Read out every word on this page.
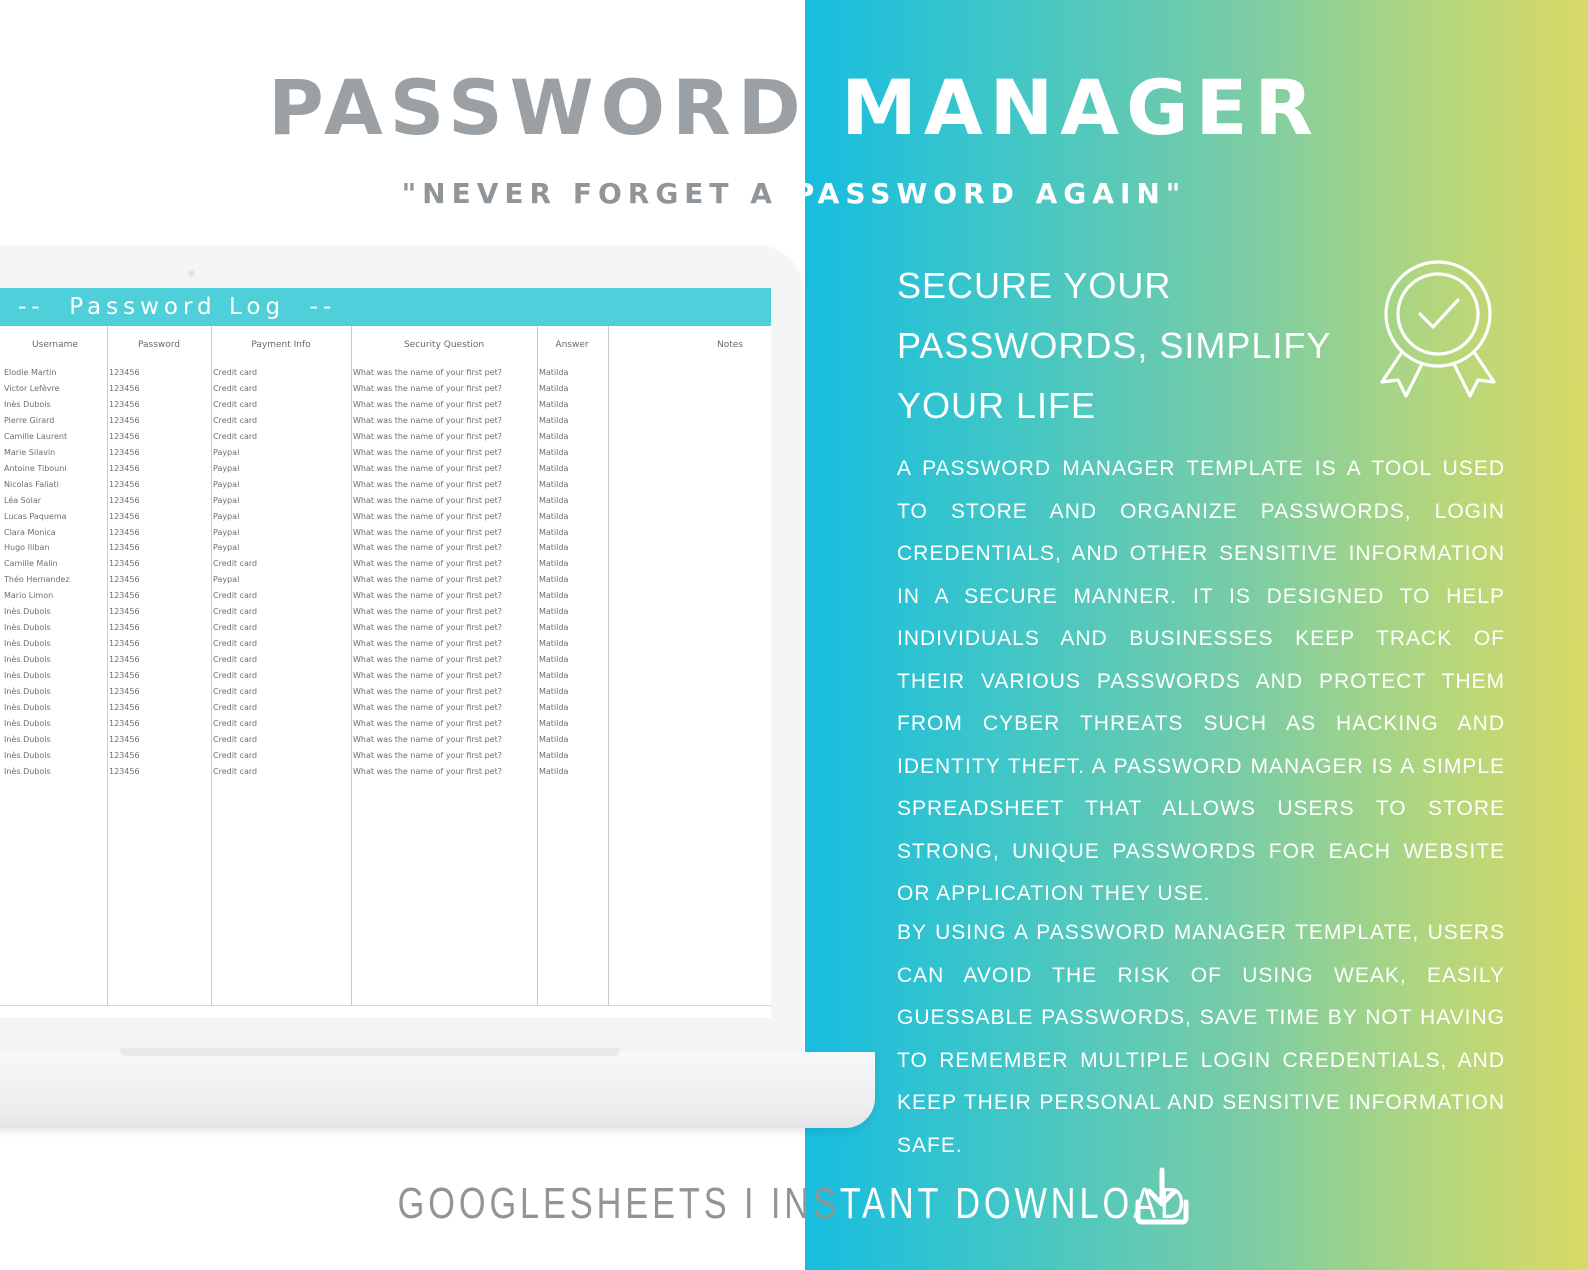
PASSWORD MANAGER
"NEVER FORGET A PASSWORD AGAIN"
--  Password Log  --
Username	Password	Payment Info	Security Question	Answer	Notes
Elodie Martin	123456	Credit card	What was the name of your first pet?	Matilda
Victor Lefèvre	123456	Credit card	What was the name of your first pet?	Matilda
Inès Dubois	123456	Credit card	What was the name of your first pet?	Matilda
Pierre Girard	123456	Credit card	What was the name of your first pet?	Matilda
Camille Laurent	123456	Credit card	What was the name of your first pet?	Matilda
Marie Silavin	123456	Paypal	What was the name of your first pet?	Matilda
Antoine Tibouni	123456	Paypal	What was the name of your first pet?	Matilda
Nicolas Faliati	123456	Paypal	What was the name of your first pet?	Matilda
Léa Solar	123456	Paypal	What was the name of your first pet?	Matilda
Lucas Paquema	123456	Paypal	What was the name of your first pet?	Matilda
Clara Monica	123456	Paypal	What was the name of your first pet?	Matilda
Hugo Iliban	123456	Paypal	What was the name of your first pet?	Matilda
Camille Malin	123456	Credit card	What was the name of your first pet?	Matilda
Théo Hernandez	123456	Paypal	What was the name of your first pet?	Matilda
Mario Limon	123456	Credit card	What was the name of your first pet?	Matilda
Inès Dubois	123456	Credit card	What was the name of your first pet?	Matilda
Inès Dubois	123456	Credit card	What was the name of your first pet?	Matilda
Inès Dubois	123456	Credit card	What was the name of your first pet?	Matilda
Inès Dubois	123456	Credit card	What was the name of your first pet?	Matilda
Inès Dubois	123456	Credit card	What was the name of your first pet?	Matilda
Inès Dubois	123456	Credit card	What was the name of your first pet?	Matilda
Inès Dubois	123456	Credit card	What was the name of your first pet?	Matilda
Inès Dubois	123456	Credit card	What was the name of your first pet?	Matilda
Inès Dubois	123456	Credit card	What was the name of your first pet?	Matilda
Inès Dubois	123456	Credit card	What was the name of your first pet?	Matilda
Inès Dubois	123456	Credit card	What was the name of your first pet?	Matilda
SECURE YOUR
PASSWORDS, SIMPLIFY
YOUR LIFE
A PASSWORD MANAGER TEMPLATE IS A TOOL USED TO STORE AND ORGANIZE PASSWORDS, LOGIN CREDENTIALS, AND OTHER SENSITIVE INFORMATION IN A SECURE MANNER. IT IS DESIGNED TO HELP INDIVIDUALS AND BUSINESSES KEEP TRACK OF THEIR VARIOUS PASSWORDS AND PROTECT THEM FROM CYBER THREATS SUCH AS HACKING AND IDENTITY THEFT. A PASSWORD MANAGER IS A SIMPLE SPREADSHEET THAT ALLOWS USERS TO STORE STRONG, UNIQUE PASSWORDS FOR EACH WEBSITE OR APPLICATION THEY USE.
BY USING A PASSWORD MANAGER TEMPLATE, USERS CAN AVOID THE RISK OF USING WEAK, EASILY GUESSABLE PASSWORDS, SAVE TIME BY NOT HAVING TO REMEMBER MULTIPLE LOGIN CREDENTIALS, AND KEEP THEIR PERSONAL AND SENSITIVE INFORMATION SAFE.
GOOGLESHEETS I INSTANT DOWNLOAD
